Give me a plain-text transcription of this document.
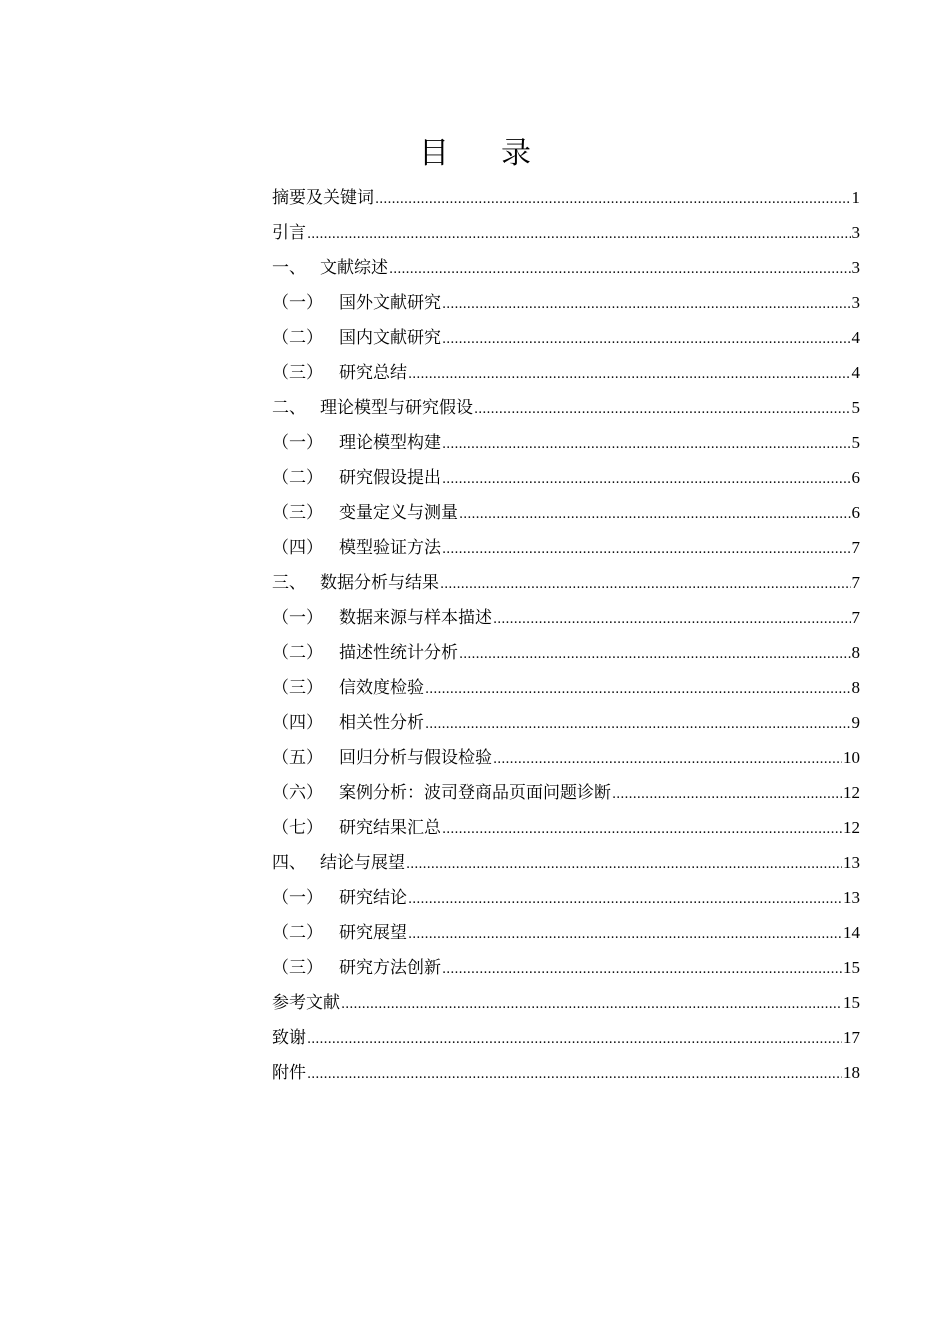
目 录
摘要及关键词 .....	1
引言 .....	3
一、 文献综述 .....	3
（一） 国外文献研究 .....	3
（二） 国内文献研究 .....	4
（三） 研究总结 .....	4
二、 理论模型与研究假设 .....	5
（一） 理论模型构建 .....	5
（二） 研究假设提出 .....	6
（三） 变量定义与测量 .....	6
（四） 模型验证方法 .....	7
三、 数据分析与结果 .....	7
（一） 数据来源与样本描述 .....	7
（二） 描述性统计分析 .....	8
（三） 信效度检验 .....	8
（四） 相关性分析 .....	9
（五） 回归分析与假设检验 .....	10
（六） 案例分析：波司登商品页面问题诊断 .....	12
（七） 研究结果汇总 .....	12
四、 结论与展望 .....	13
（一） 研究结论 .....	13
（二） 研究展望 .....	14
（三） 研究方法创新 .....	15
参考文献 .....	15
致谢 .....	17
附件 .....	18
